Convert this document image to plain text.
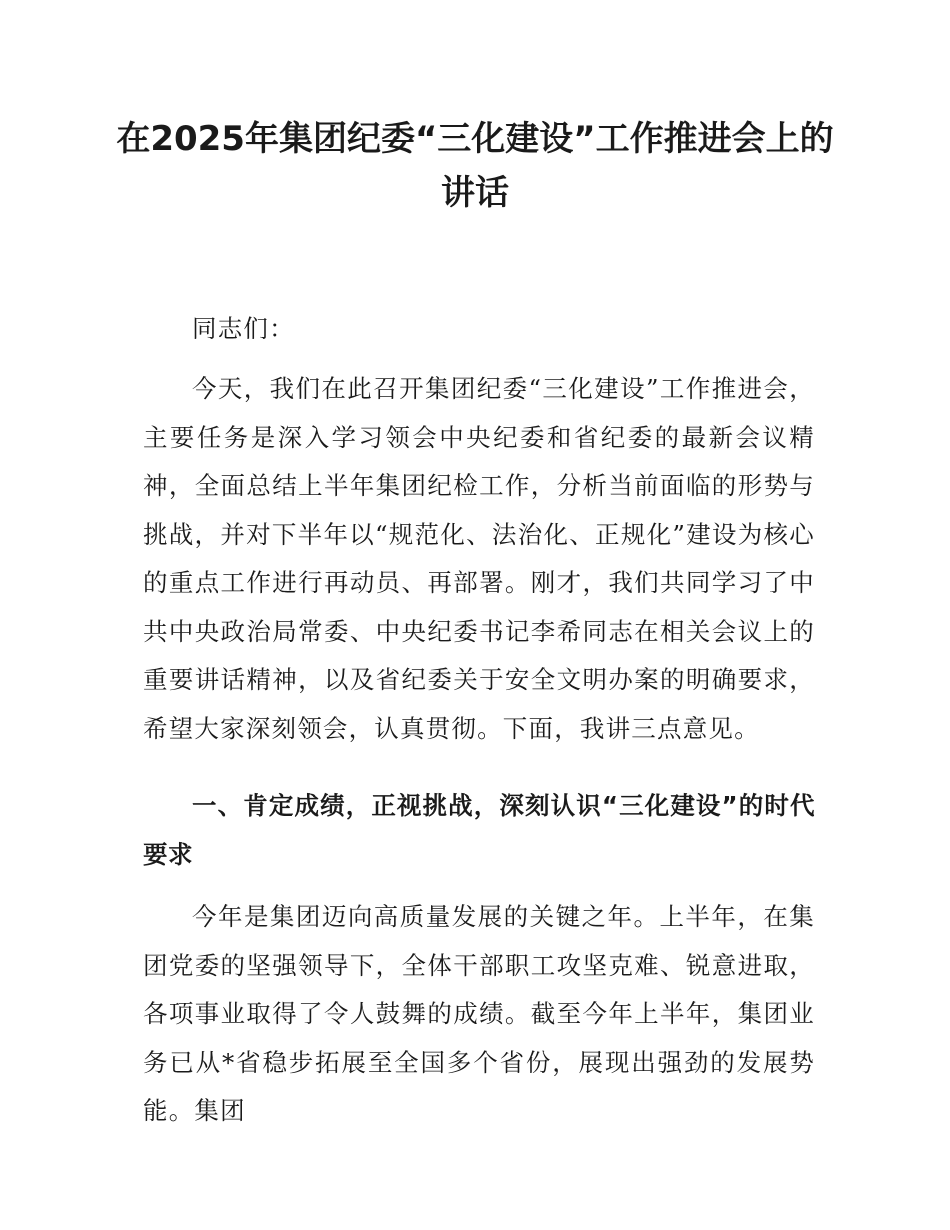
在2025年集团纪委“三化建设”工作推进会上的讲话

同志们：

今天，我们在此召开集团纪委“三化建设”工作推进会，主要任务是深入学习领会中央纪委和省纪委的最新会议精神，全面总结上半年集团纪检工作，分析当前面临的形势与挑战，并对下半年以“规范化、法治化、正规化”建设为核心的重点工作进行再动员、再部署。刚才，我们共同学习了中共中央政治局常委、中央纪委书记李希同志在相关会议上的重要讲话精神，以及省纪委关于安全文明办案的明确要求，希望大家深刻领会，认真贯彻。下面，我讲三点意见。

一、肯定成绩，正视挑战，深刻认识“三化建设”的时代要求

今年是集团迈向高质量发展的关键之年。上半年，在集团党委的坚强领导下，全体干部职工攻坚克难、锐意进取，各项事业取得了令人鼓舞的成绩。截至今年上半年，集团业务已从*省稳步拓展至全国多个省份，展现出强劲的发展势能。集团
